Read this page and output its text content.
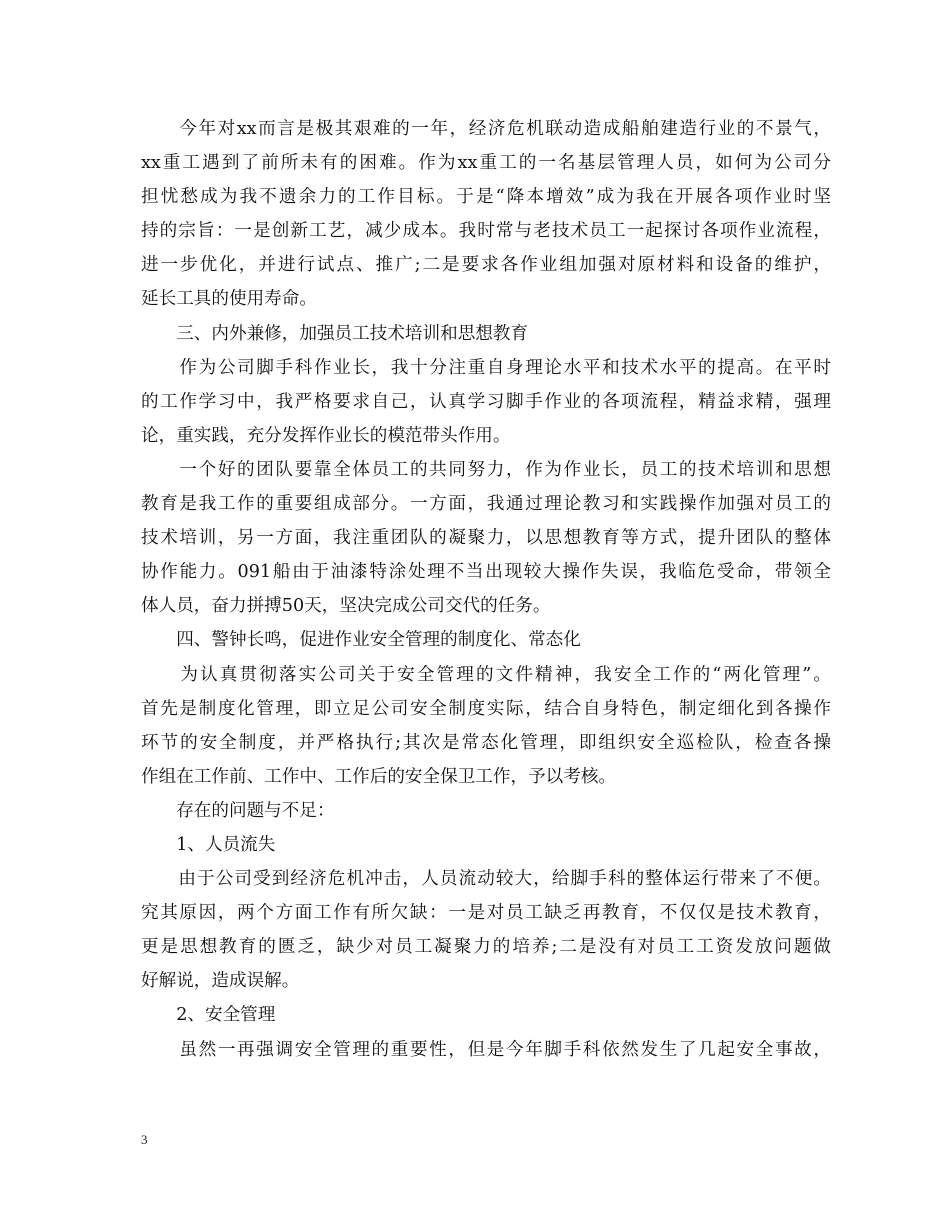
　　今年对xx而言是极其艰难的一年，经济危机联动造成船舶建造行业的不景气，

xx重工遇到了前所未有的困难。作为xx重工的一名基层管理人员，如何为公司分

担忧愁成为我不遗余力的工作目标。于是“降本增效”成为我在开展各项作业时坚

持的宗旨：一是创新工艺，减少成本。我时常与老技术员工一起探讨各项作业流程，

进一步优化，并进行试点、推广;二是要求各作业组加强对原材料和设备的维护，

延长工具的使用寿命。

　　三、内外兼修，加强员工技术培训和思想教育

　　作为公司脚手科作业长，我十分注重自身理论水平和技术水平的提高。在平时

的工作学习中，我严格要求自己，认真学习脚手作业的各项流程，精益求精，强理

论，重实践，充分发挥作业长的模范带头作用。

　　一个好的团队要靠全体员工的共同努力，作为作业长，员工的技术培训和思想

教育是我工作的重要组成部分。一方面，我通过理论教习和实践操作加强对员工的

技术培训，另一方面，我注重团队的凝聚力，以思想教育等方式，提升团队的整体

协作能力。091船由于油漆特涂处理不当出现较大操作失误，我临危受命，带领全

体人员，奋力拼搏50天，坚决完成公司交代的任务。

　　四、警钟长鸣，促进作业安全管理的制度化、常态化

　　为认真贯彻落实公司关于安全管理的文件精神，我安全工作的“两化管理”。

首先是制度化管理，即立足公司安全制度实际，结合自身特色，制定细化到各操作

环节的安全制度，并严格执行;其次是常态化管理，即组织安全巡检队，检查各操

作组在工作前、工作中、工作后的安全保卫工作，予以考核。

　　存在的问题与不足：

　　1、人员流失

　　由于公司受到经济危机冲击，人员流动较大，给脚手科的整体运行带来了不便。

究其原因，两个方面工作有所欠缺：一是对员工缺乏再教育，不仅仅是技术教育，

更是思想教育的匮乏，缺少对员工凝聚力的培养;二是没有对员工工资发放问题做

好解说，造成误解。

　　2、安全管理

　　虽然一再强调安全管理的重要性，但是今年脚手科依然发生了几起安全事故，

3
